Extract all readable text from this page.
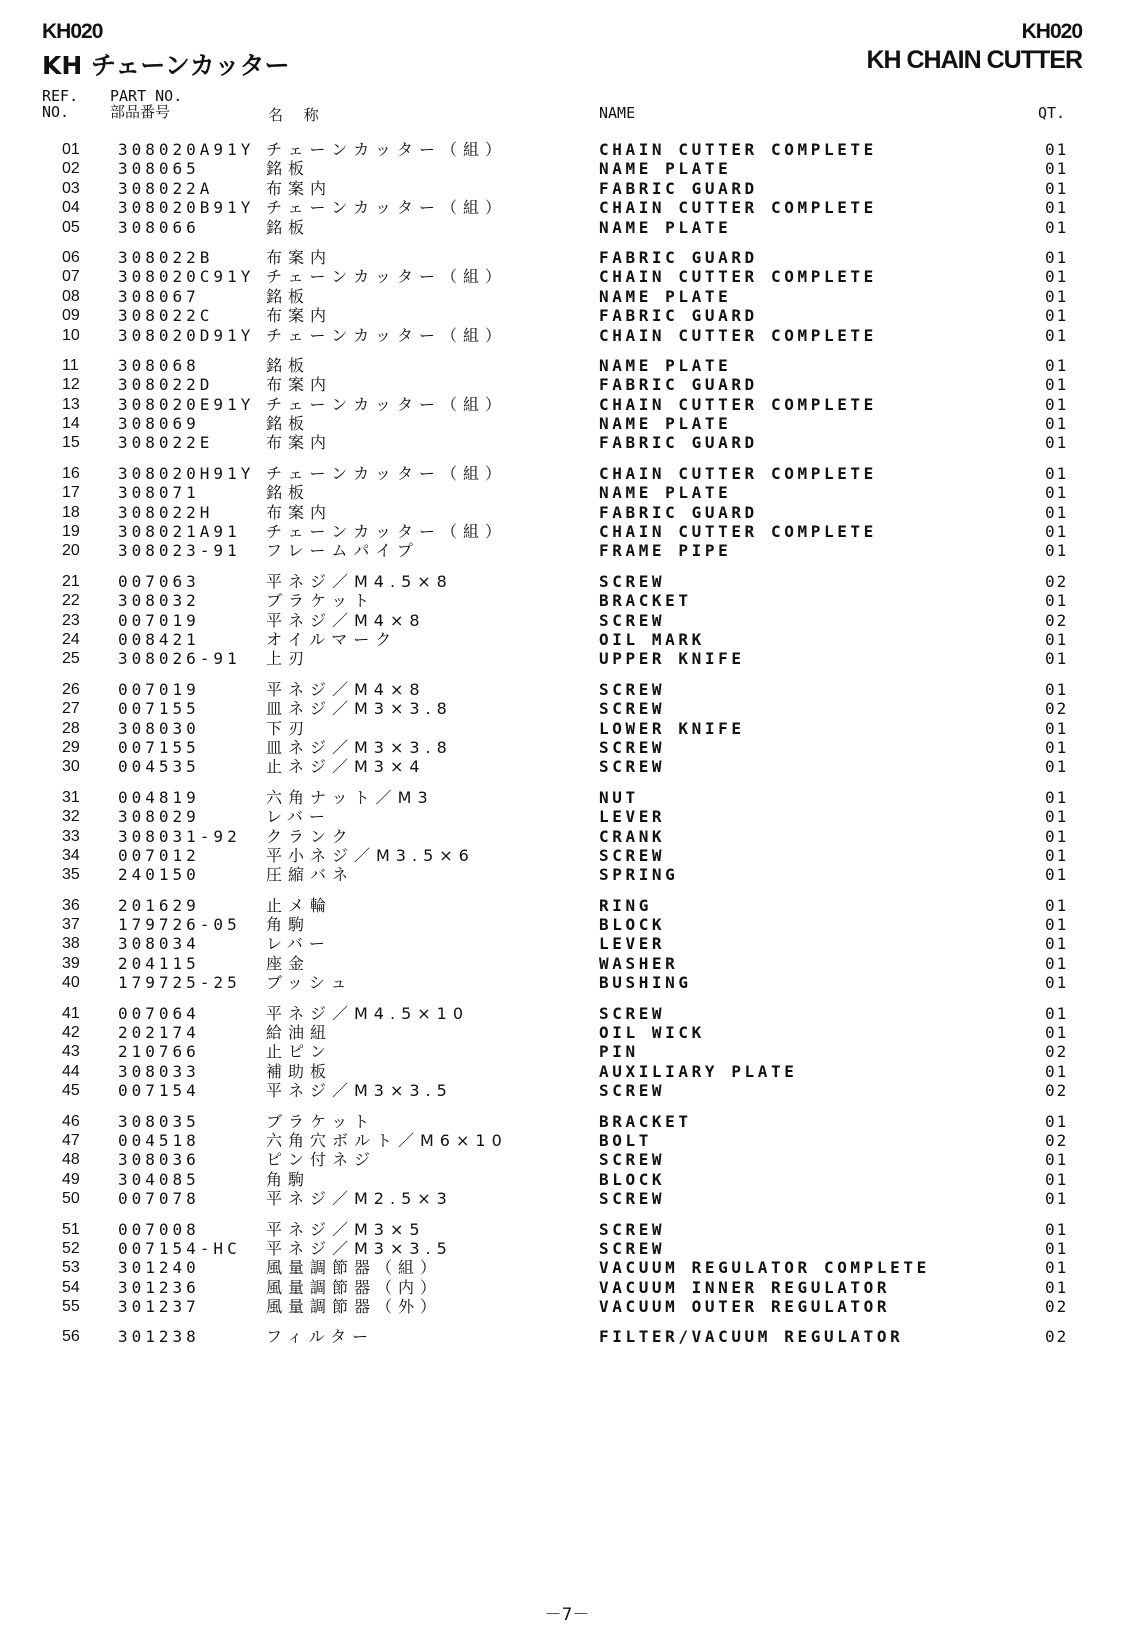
KH020
KH チェーンカッター
KH020
KH CHAIN CUTTER
REF.
NO.
PART NO.
部品番号	名 称	NAME	QT.
01 308020A91Y チェーンカッター（組）	CHAIN CUTTER COMPLETE	01
02 308065	銘板	NAME PLATE	01
03 308022A	布案内	FABRIC GUARD	01
04 308020B91Y チェーンカッター（組）	CHAIN CUTTER COMPLETE	01
05 308066	銘板	NAME PLATE	01
06 308022B	布案内	FABRIC GUARD	01
07 308020C91Y チェーンカッター（組）	CHAIN CUTTER COMPLETE	01
08 308067	銘板	NAME PLATE	01
09 308022C	布案内	FABRIC GUARD	01
10 308020D91Y チェーンカッター（組）	CHAIN CUTTER COMPLETE	01
11 308068	銘板	NAME PLATE	01
12 308022D	布案内	FABRIC GUARD	01
13 308020E91Y チェーンカッター（組）	CHAIN CUTTER COMPLETE	01
14 308069	銘板	NAME PLATE	01
15 308022E	布案内	FABRIC GUARD	01
16 308020H91Y チェーンカッター（組）	CHAIN CUTTER COMPLETE	01
17 308071	銘板	NAME PLATE	01
18 308022H	布案内	FABRIC GUARD	01
19 308021A91 チェーンカッター（組）	CHAIN CUTTER COMPLETE	01
20 308023-91 フレームパイプ	FRAME PIPE	01
21 007063	平ネジ／M4.5×8	SCREW	02
22 308032	ブラケット	BRACKET	01
23 007019	平ネジ／M4×8	SCREW	02
24 008421	オイルマーク	OIL MARK	01
25 308026-91 上刃	UPPER KNIFE	01
26 007019	平ネジ／M4×8	SCREW	01
27 007155	皿ネジ／M3×3.8	SCREW	02
28 308030	下刃	LOWER KNIFE	01
29 007155	皿ネジ／M3×3.8	SCREW	01
30 004535	止ネジ／M3×4	SCREW	01
31 004819	六角ナット／M3	NUT	01
32 308029	レバー	LEVER	01
33 308031-92 クランク	CRANK	01
34 007012	平小ネジ／M3.5×6	SCREW	01
35 240150	圧縮バネ	SPRING	01
36 201629	止メ輪	RING	01
37 179726-05 角駒	BLOCK	01
38 308034	レバー	LEVER	01
39 204115	座金	WASHER	01
40 179725-25 ブッシュ	BUSHING	01
41 007064	平ネジ／M4.5×10	SCREW	01
42 202174	給油紐	OIL WICK	01
43 210766	止ピン	PIN	02
44 308033	補助板	AUXILIARY PLATE	01
45 007154	平ネジ／M3×3.5	SCREW	02
46 308035	ブラケット	BRACKET	01
47 004518	六角穴ボルト／M6×10	BOLT	02
48 308036	ピン付ネジ	SCREW	01
49 304085	角駒	BLOCK	01
50 007078	平ネジ／M2.5×3	SCREW	01
51 007008	平ネジ／M3×5	SCREW	01
52 007154-HC 平ネジ／M3×3.5	SCREW	01
53 301240	風量調節器（組）	VACUUM REGULATOR COMPLETE	01
54 301236	風量調節器（内）	VACUUM INNER REGULATOR	01
55 301237	風量調節器（外）	VACUUM OUTER REGULATOR	02
56 301238	フィルター	FILTER/VACUUM REGULATOR	02
－7－
